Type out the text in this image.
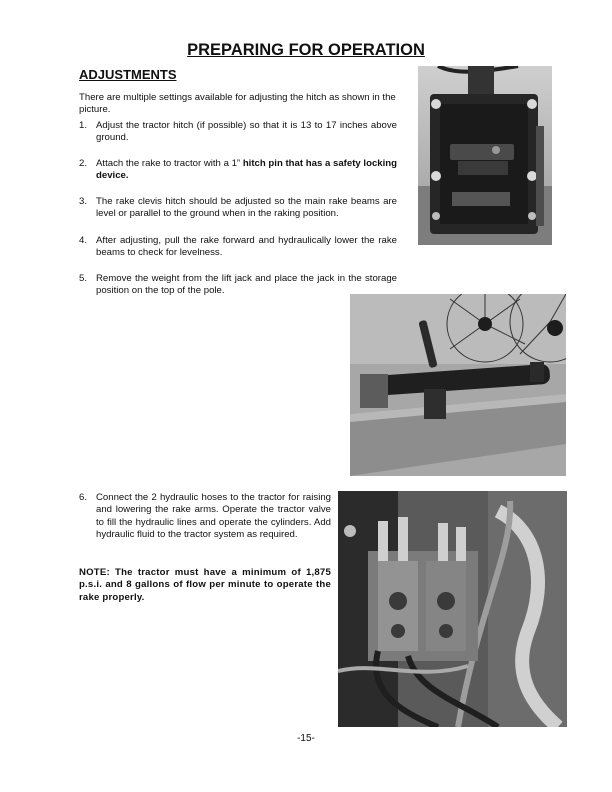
PREPARING FOR OPERATION
ADJUSTMENTS
There are multiple settings available for adjusting the hitch as shown in the picture.
1. Adjust the tractor hitch (if possible) so that it is 13 to 17 inches above ground.
2. Attach the rake to tractor with a 1” hitch pin that has a safety locking device.
3. The rake clevis hitch should be adjusted so the main rake beams are level or parallel to the ground when in the raking position.
4. After adjusting, pull the rake forward and hydraulically lower the rake beams to check for levelness.
5. Remove the weight from the lift jack and place the jack in the storage position on the top of the pole.
6. Connect the 2 hydraulic hoses to the tractor for raising and lowering the rake arms. Operate the tractor valve to fill the hydraulic lines and operate the cylinders. Add hydraulic fluid to the tractor system as required.
NOTE: The tractor must have a minimum of 1,875 p.s.i. and 8 gallons of flow per minute to operate the rake properly.
-15-
